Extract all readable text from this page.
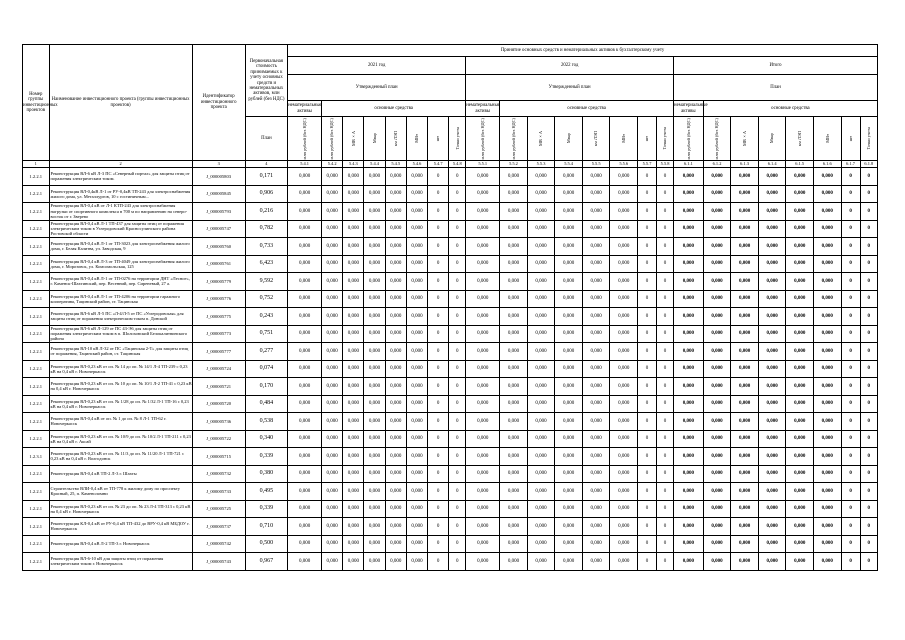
Номер группы инвестиционных проектов	Наименование инвестиционного проекта (группы инвестиционных проектов)	Идентификатор инвестиционного проекта	Первоначальная стоимость принимаемых к учету основных средств и нематериальных активов, млн рублей (без НДС)	Принятие основных средств и нематериальных активов к бухгалтерскому учету																							
				2021 год								2022 год								Итого							
				Утвержденный план								Утвержденный план								План							
				нематериальные активы	основные средства							нематериальные активы	основные средства							нематериальные активы	основные средства						
			План	млн рублей (без НДС)	млн рублей (без НДС)	МВ×А	Мвар	км ЛЭП	МВт	шт	Точки учета	млн рублей (без НДС)	млн рублей (без НДС)	МВ×А	Мвар	км ЛЭП	МВт	шт	Точки учета	млн рублей (без НДС)	млн рублей (без НДС)	МВ×А	Мвар	км ЛЭП	МВт	шт	Точки учета

1	2	3	4	5.4.1	5.4.2	5.4.3	5.4.4	5.4.5	5.4.6	5.4.7	5.4.8	5.5.1	5.5.2	5.5.3	5.5.4	5.5.5	5.5.6	5.5.7	5.5.8	6.1.1	6.1.2	6.1.3	6.1.4	6.1.5	6.1.6	6.1.7	6.1.8
1.2.2.1	Реконструкция ВЛ-6 кВ Л-3 ПС «Северный портал» для защиты птиц от поражения электрическим током.	J_000005803	0,171	0,000	0,000	0,000	0,000	0,000	0,000	0	0	0,000	0,000	0,000	0,000	0,000	0,000	0	0	0,000	0,000	0,000	0,000	0,000	0,000	0	0
1.2.2.1	Реконструкция ВЛ-0,4кВ Л-1 от РУ-0,4кВ ТП-243 для электроснабжения жилого дома, ул. Металлургов, 10 с гостиничным...	J_000005845	0,906	0,000	0,000	0,000	0,000	0,000	0,000	0	0	0,000	0,000	0,000	0,000	0,000	0,000	0	0	0,000	0,000	0,000	0,000	0,000	0,000	0	0
1.2.2.1	Реконструкция ВЛ-0,4 кВ от Л-1 КТП-243 для электроснабжения нагрузки от спортивного комплекса в 700 м по направлению на северо-восток от г. Зверево	J_000005793	0,216	0,000	0,000	0,000	0,000	0,000	0,000	0	0	0,000	0,000	0,000	0,000	0,000	0,000	0	0	0,000	0,000	0,000	0,000	0,000	0,000	0	0
1.2.2.1	Реконструкция ВЛ-0,4 кВ Л-1 ТП-437 для защиты птиц от поражения электрическим током в Углеродовский Красносулинского района Ростовской области	J_000005747	0,782	0,000	0,000	0,000	0,000	0,000	0,000	0	0	0,000	0,000	0,000	0,000	0,000	0,000	0	0	0,000	0,000	0,000	0,000	0,000	0,000	0	0
1.2.2.1	Реконструкция ВЛ-0,4 кВ Л-1 от ТП-3023 для электроснабжения жилого дома, г. Белая Калитва, ул. Заводская, 9	J_000005760	0,733	0,000	0,000	0,000	0,000	0,000	0,000	0	0	0,000	0,000	0,000	0,000	0,000	0,000	0	0	0,000	0,000	0,000	0,000	0,000	0,000	0	0
1.2.2.1	Реконструкция ВЛ-0,4 кВ Л-3 от ТП-4049 для электроснабжения жилого дома, г. Морозовск, ул. Комсомольская, 125	J_000005761	6,423	0,000	0,000	0,000	0,000	0,000	0,000	0	0	0,000	0,000	0,000	0,000	0,000	0,000	0	0	0,000	0,000	0,000	0,000	0,000	0,000	0	0
1.2.2.1	Реконструкция ВЛ-0,4 кВ Л-1 от ТП-0276 на территории ДНТ «Лесное», г. Каменск-Шахтинский, пер. Весенний, пер. Сиреневый, 27 а.	J_000005779	9,592	0,000	0,000	0,000	0,000	0,000	0,000	0	0	0,000	0,000	0,000	0,000	0,000	0,000	0	0	0,000	0,000	0,000	0,000	0,000	0,000	0	0
1.2.2.1	Реконструкция ВЛ-0,4 кВ Л-1 от ТП-4206 на территории гаражного кооператива, Тацинский район, ст. Тацинская	J_000005776	0,752	0,000	0,000	0,000	0,000	0,000	0,000	0	0	0,000	0,000	0,000	0,000	0,000	0,000	0	0	0,000	0,000	0,000	0,000	0,000	0,000	0	0
1.2.2.1	Реконструкция ВЛ-6 кВ Л-5 ПС «Л-4/Л-5 от ПС «Углеродовская» для защиты птиц от поражения электрическим током п. Донской	J_000005775	0,243	0,000	0,000	0,000	0,000	0,000	0,000	0	0	0,000	0,000	0,000	0,000	0,000	0,000	0	0	0,000	0,000	0,000	0,000	0,000	0,000	0	0
1.2.2.1	Реконструкция ВЛ-6 кВ Л-129 от ПС 43-Э6 для защиты птиц от поражения электрическим током в п. Шолоховский Белокалитвинского района	J_000005773	0,751	0,000	0,000	0,000	0,000	0,000	0,000	0	0	0,000	0,000	0,000	0,000	0,000	0,000	0	0	0,000	0,000	0,000	0,000	0,000	0,000	0	0
1.2.2.1	Реконструкция ВЛ-10 кВ Л-32 от ПС «Тацинская 2-Т» для защиты птиц от поражения, Тацинский район, ст. Тацинская	J_000005777	0,277	0,000	0,000	0,000	0,000	0,000	0,000	0	0	0,000	0,000	0,000	0,000	0,000	0,000	0	0	0,000	0,000	0,000	0,000	0,000	0,000	0	0
1.2.2.1	Реконструкция ВЛ-0,23 кВ от оп. № 14 до оп. № 14/1 Л-4 ТП-239 с 0,23 кВ на 0,4 кВ г. Новочеркасск	J_000005724	0,074	0,000	0,000	0,000	0,000	0,000	0,000	0	0	0,000	0,000	0,000	0,000	0,000	0,000	0	0	0,000	0,000	0,000	0,000	0,000	0,000	0	0
1.2.2.1	Реконструкция ВЛ-0,23 кВ от оп. № 10 до оп. № 10/1 Л-2 ТП-41 с 0,23 кВ на 0,4 кВ г. Новочеркасск	J_000005721	0,170	0,000	0,000	0,000	0,000	0,000	0,000	0	0	0,000	0,000	0,000	0,000	0,000	0,000	0	0	0,000	0,000	0,000	0,000	0,000	0,000	0	0
1.2.2.1	Реконструкция ВЛ-0,23 кВ от оп. № 1/28 до оп. № 1/32 Л-1 ТП-16 с 0,23 кВ на 0,4 кВ г. Новочеркасск	J_000005720	0,484	0,000	0,000	0,000	0,000	0,000	0,000	0	0	0,000	0,000	0,000	0,000	0,000	0,000	0	0	0,000	0,000	0,000	0,000	0,000	0,000	0	0
1.2.2.1	Реконструкция ВЛ-0,4 кВ от оп. № 1 до оп. № 8 Л-1 ТП-62 г. Новочеркасск	J_000005736	0,538	0,000	0,000	0,000	0,000	0,000	0,000	0	0	0,000	0,000	0,000	0,000	0,000	0,000	0	0	0,000	0,000	0,000	0,000	0,000	0,000	0	0
1.2.2.1	Реконструкция ВЛ-0,23 кВ от оп. № 10/9 до оп. № 10/2 Л-1 ТП-211 с 0,23 кВ на 0,4 кВ г. Аксай	J_000005722	0,340	0,000	0,000	0,000	0,000	0,000	0,000	0	0	0,000	0,000	0,000	0,000	0,000	0,000	0	0	0,000	0,000	0,000	0,000	0,000	0,000	0	0
1.2.3.1	Реконструкция ВЛ-0,23 кВ от оп. № 11/3 до оп. № 11/20 Л-1 ТП-721 с 0,23 кВ на 0,4 кВ г. Волгодонск	J_000005715	0,339	0,000	0,000	0,000	0,000	0,000	0,000	0	0	0,000	0,000	0,000	0,000	0,000	0,000	0	0	0,000	0,000	0,000	0,000	0,000	0,000	0	0
1.2.2.1	Реконструкция ВЛ-0,4 кВ ТП-2 Л-3 г. Шахты	J_000005732	0,380	0,000	0,000	0,000	0,000	0,000	0,000	0	0	0,000	0,000	0,000	0,000	0,000	0,000	0	0	0,000	0,000	0,000	0,000	0,000	0,000	0	0
1.2.2.1	Строительство ВЛИ-0,4 кВ от ТП-778 к жилому дому по проспекту Красный, 25, п. Каменоломни	J_000005733	0,495	0,000	0,000	0,000	0,000	0,000	0,000	0	0	0,000	0,000	0,000	0,000	0,000	0,000	0	0	0,000	0,000	0,000	0,000	0,000	0,000	0	0
1.2.2.1	Реконструкция ВЛ-0,23 кВ от оп. № 23 до оп. № 23 Л-4 ТП-313 с 0,23 кВ на 0,4 кВ г. Новочеркасск	J_000005725	0,339	0,000	0,000	0,000	0,000	0,000	0,000	0	0	0,000	0,000	0,000	0,000	0,000	0,000	0	0	0,000	0,000	0,000	0,000	0,000	0,000	0	0
1.2.2.1	Реконструкция КЛ-0,4 кВ от РУ-0,4 кВ ТП-432 до ВРУ-0,4 кВ МБДОУ г. Новочеркасск	J_000005737	0,710	0,000	0,000	0,000	0,000	0,000	0,000	0	0	0,000	0,000	0,000	0,000	0,000	0,000	0	0	0,000	0,000	0,000	0,000	0,000	0,000	0	0
1.2.2.1	Реконструкция ВЛ-0,4 кВ Л-2 ТП-3 г. Новочеркасск	J_000005742	0,500	0,000	0,000	0,000	0,000	0,000	0,000	0	0	0,000	0,000	0,000	0,000	0,000	0,000	0	0	0,000	0,000	0,000	0,000	0,000	0,000	0	0
1.2.2.1	Реконструкция ВЛ-6-10 кВ для защиты птиц от поражения электрическим током г. Новочеркасск	J_000005743	0,967	0,000	0,000	0,000	0,000	0,000	0,000	0	0	0,000	0,000	0,000	0,000	0,000	0,000	0	0	0,000	0,000	0,000	0,000	0,000	0,000	0	0
